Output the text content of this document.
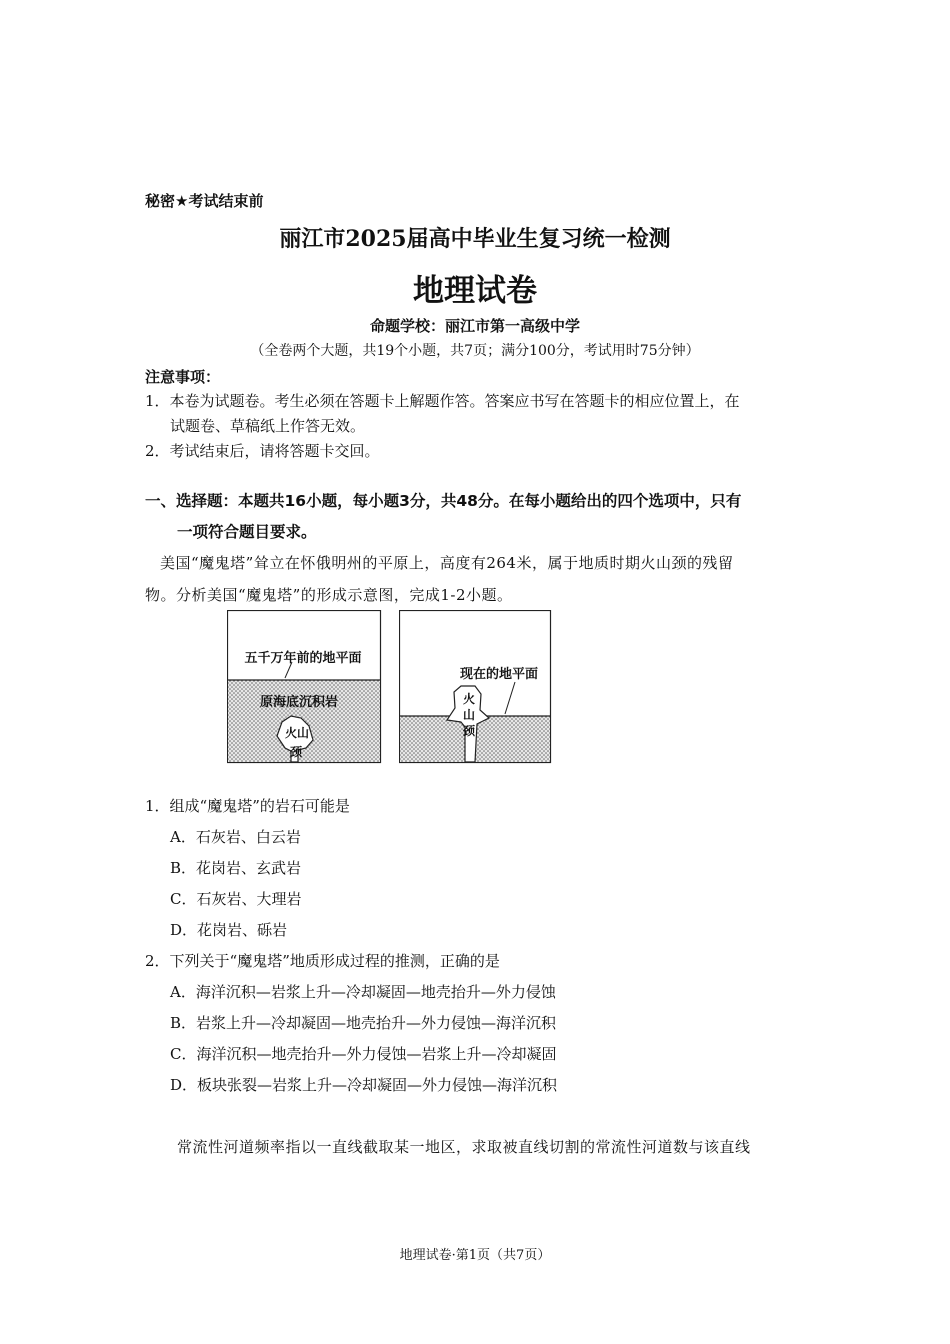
秘密★考试结束前
丽江市2025届高中毕业生复习统一检测
地理试卷
命题学校：丽江市第一高级中学
（全卷两个大题，共19个小题，共7页；满分100分，考试用时75分钟）
注意事项：
1．本卷为试题卷。考生必须在答题卡上解题作答。答案应书写在答题卡的相应位置上，在
试题卷、草稿纸上作答无效。
2．考试结束后，请将答题卡交回。
一、选择题：本题共16小题，每小题3分，共48分。在每小题给出的四个选项中，只有
一项符合题目要求。
美国“魔鬼塔”耸立在怀俄明州的平原上，高度有264米，属于地质时期火山颈的残留
物。分析美国“魔鬼塔”的形成示意图，完成1-2小题。
五千万年前的地平面
原海底沉积岩
火山
颈
现在的地平面
火
山
颈
1．组成“魔鬼塔”的岩石可能是
A．石灰岩、白云岩
B．花岗岩、玄武岩
C．石灰岩、大理岩
D．花岗岩、砾岩
2．下列关于“魔鬼塔”地质形成过程的推测，正确的是
A．海洋沉积—岩浆上升—冷却凝固—地壳抬升—外力侵蚀
B．岩浆上升—冷却凝固—地壳抬升—外力侵蚀—海洋沉积
C．海洋沉积—地壳抬升—外力侵蚀—岩浆上升—冷却凝固
D．板块张裂—岩浆上升—冷却凝固—外力侵蚀—海洋沉积
常流性河道频率指以一直线截取某一地区，求取被直线切割的常流性河道数与该直线
地理试卷·第1页（共7页）
